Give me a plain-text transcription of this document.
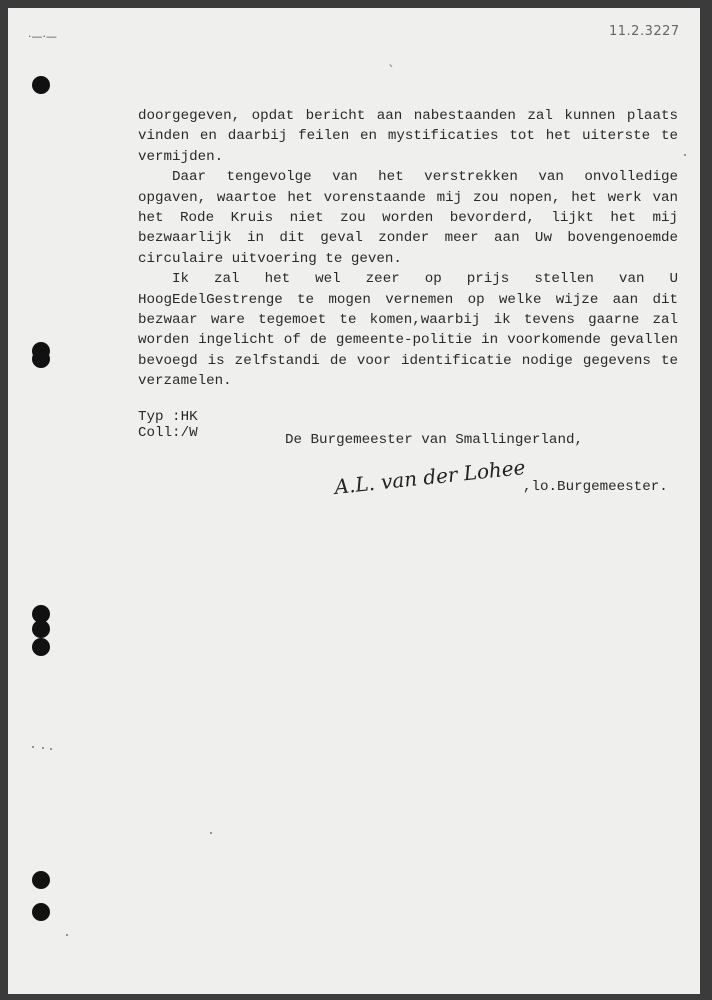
11.2.3227
·—·—
ˋ

doorgegeven, opdat bericht aan nabestaanden zal kunnen plaats vinden en daarbij feilen en mystificaties tot het uiterste te vermijden.

Daar tengevolge van het verstrekken van onvolledige opgaven, waartoe het vorenstaande mij zou nopen, het werk van het Rode Kruis niet zou worden bevorderd, lijkt het mij bezwaarlijk in dit geval zonder meer aan Uw bovengenoemde circulaire uitvoering te geven.

Ik zal het wel zeer op prijs stellen van U HoogEdelGestrenge te mogen vernemen op welke wijze aan dit bezwaar ware tegemoet te komen,waarbij ik tevens gaarne zal worden ingelicht of de gemeente-politie in voorkomende gevallen bevoegd is zelfstandi de voor identificatie nodige gegevens te verzamelen.

Typ :HK
Coll:/W	De Burgemeester van Smallingerland,
A.L. van der Lohee
,lo.Burgemeester.
